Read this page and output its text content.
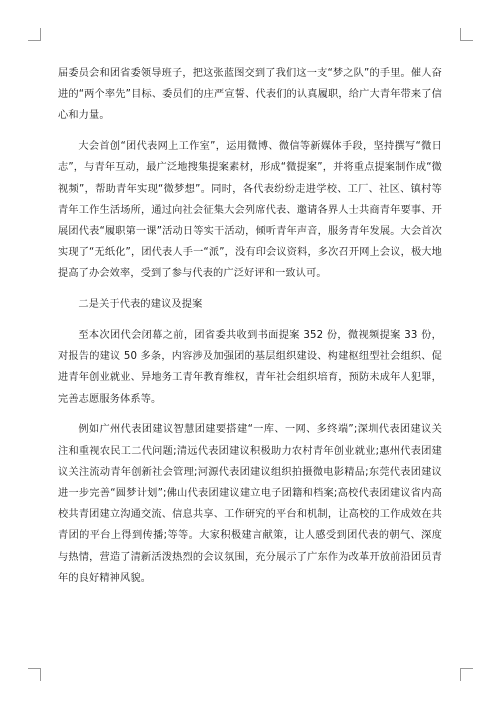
届委员会和团省委领导班子，把这张蓝图交到了我们这一支“梦之队”的手里。催人奋进的“两个率先”目标、委员们的庄严宣誓、代表们的认真履职，给广大青年带来了信心和力量。

大会首创“团代表网上工作室”，运用微博、微信等新媒体手段，坚持撰写“微日志”，与青年互动，最广泛地搜集提案素材，形成“微提案”，并将重点提案制作成“微视频”，帮助青年实现“微梦想”。同时，各代表纷纷走进学校、工厂、社区、镇村等青年工作生活场所，通过向社会征集大会列席代表、邀请各界人士共商青年要事、开展团代表“履职第一课”活动日等实干活动，倾听青年声音，服务青年发展。大会首次实现了“无纸化”，团代表人手一“派”，没有印会议资料，多次召开网上会议，极大地提高了办会效率，受到了参与代表的广泛好评和一致认可。

二是关于代表的建议及提案

至本次团代会闭幕之前，团省委共收到书面提案 352 份，微视频提案 33 份，对报告的建议 50 多条，内容涉及加强团的基层组织建设、构建枢纽型社会组织、促进青年创业就业、异地务工青年教育维权，青年社会组织培育，预防未成年人犯罪，完善志愿服务体系等。

例如广州代表团建议智慧团建要搭建“一库、一网、多终端”;深圳代表团建议关注和重视农民工二代问题;清远代表团建议积极助力农村青年创业就业;惠州代表团建议关注流动青年创新社会管理;河源代表团建议组织拍摄微电影精品;东莞代表团建议进一步完善“圆梦计划”;佛山代表团建议建立电子团籍和档案;高校代表团建议省内高校共青团建立沟通交流、信息共享、工作研究的平台和机制，让高校的工作成效在共青团的平台上得到传播;等等。大家积极建言献策，让人感受到团代表的朝气、深度与热情，营造了清新活泼热烈的会议氛围，充分展示了广东作为改革开放前沿团员青年的良好精神风貌。
